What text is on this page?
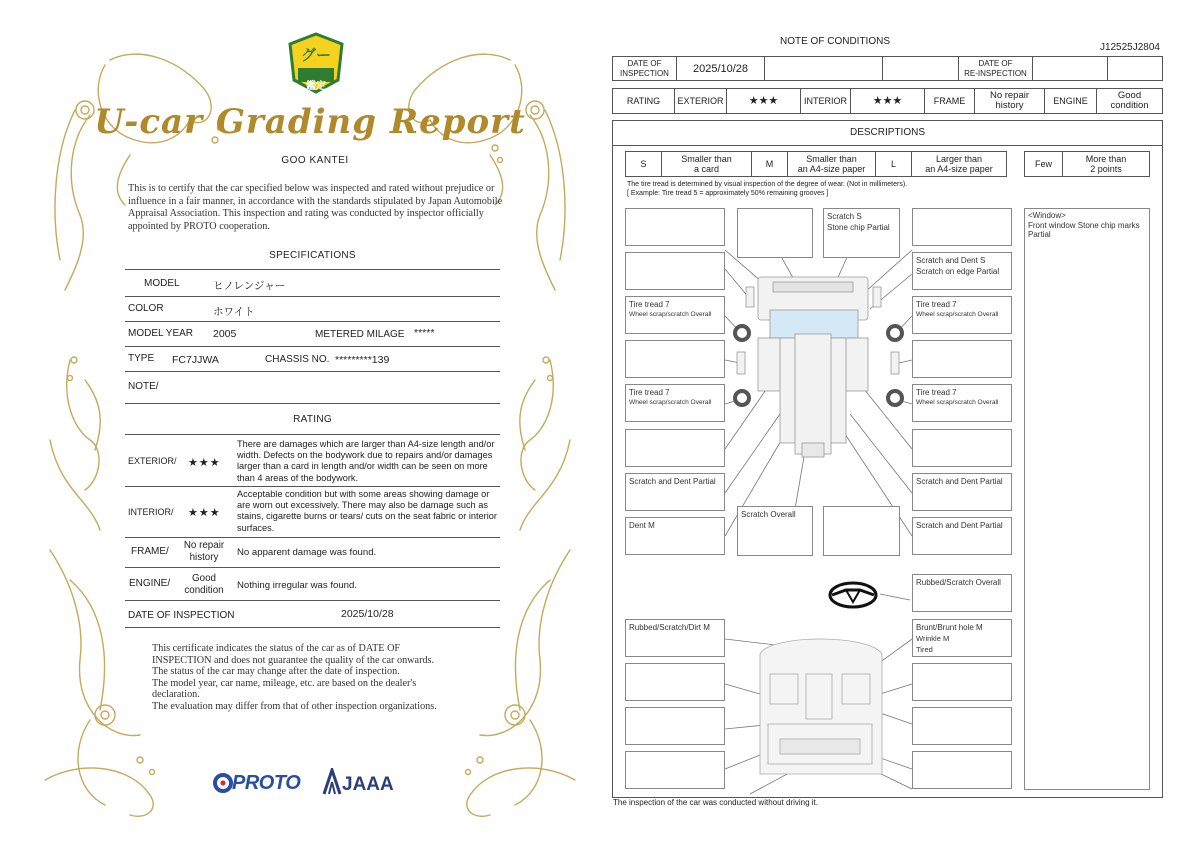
グー
鑑定
U-car Grading Report
GOO KANTEI
This is to certify that the car specified below was inspected and rated without prejudice or influence in a fair manner, in accordance with the standards stipulated by Japan Automobile Appraisal Association. This inspection and rating was conducted by inspector officially appointed by PROTO cooperation.
SPECIFICATIONS
MODEL	ヒノレンジャー
COLOR	ホワイト
MODEL YEAR 2005	METERED MILAGE *****
TYPE FC7JJWA	CHASSIS NO. *********139
NOTE/
RATING
EXTERIOR/ ★★★
There are damages which are larger than A4-size length and/or width. Defects on the bodywork due to repairs and/or damages larger than a card in length and/or width can be seen on more than 4 areas of the bodywork.
INTERIOR/ ★★★
Acceptable condition but with some areas showing damage or are worn out excessively. There may also be damage such as stains, cigarette burns or tears/ cuts on the seat fabric or interior surfaces.
FRAME/
No repair
history	No apparent damage was found.
ENGINE/	Good
condition	Nothing irregular was found.
DATE OF INSPECTION	2025/10/28
This certificate indicates the status of the car as of DATE OF
INSPECTION and does not guarantee the quality of the car onwards.
The status of the car may change after the date of inspection.
The model year, car name, mileage, etc. are based on the dealer's
declaration.
The evaluation may differ from that of other inspection organizations.
PROTO JAAA
NOTE OF CONDITIONS
J12525J2804
DATE OF
INSPECTION	2025/10/28			DATE OF
RE-INSPECTION

RATING	EXTERIOR	★★★	INTERIOR	★★★	FRAME	No repair
history	ENGINE	Good
condition
DESCRIPTIONS
S	Smaller than
a card	M	Smaller than
an A4-size paper	L	Larger than
an A4-size paper	Few	More than
2 points
The tire tread is determined by visual inspection of the degree of wear. (Not in millimeters).
[ Example: Tire tread 5 = approximately 50% remaining grooves ]
Tire tread 7
Wheel scrap/scratch Overall
Tire tread 7
Wheel scrap/scratch Overall
Scratch and Dent Partial
Dent M
Rubbed/Scratch/Dirt M
Scratch S
Stone chip Partial
Scratch Overall
Scratch and Dent S
Scratch on edge Partial
Tire tread 7
Wheel scrap/scratch Overall
Tire tread 7
Wheel scrap/scratch Overall
Scratch and Dent Partial
Scratch and Dent Partial
Rubbed/Scratch Overall
Brunt/Brunt hole M
Wrinkle M
Tired
<Window>
Front window Stone chip marks
Partial
The inspection of the car was conducted without driving it.
